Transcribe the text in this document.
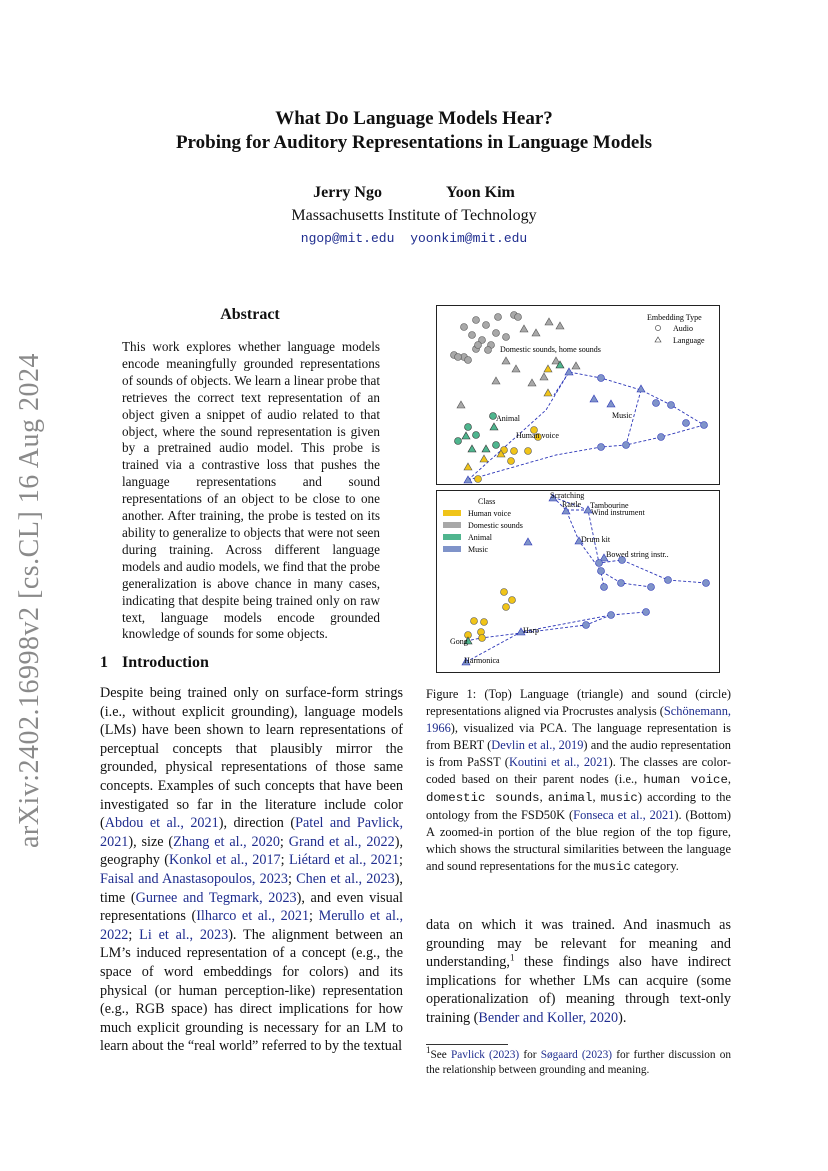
arXiv:2402.16998v2 [cs.CL] 16 Aug 2024
What Do Language Models Hear?
Probing for Auditory Representations in Language Models
Jerry Ngo	Yoon Kim
Massachusetts Institute of Technology
ngop@mit.edu yoonkim@mit.edu
Abstract
This work explores whether language models encode meaningfully grounded representations of sounds of objects. We learn a linear probe that retrieves the correct text representation of an object given a snippet of audio related to that object, where the sound representation is given by a pretrained audio model. This probe is trained via a contrastive loss that pushes the language representations and sound representations of an object to be close to one another. After training, the probe is tested on its ability to generalize to objects that were not seen during training. Across different language models and audio models, we find that the probe generalization is above chance in many cases, indicating that despite being trained only on raw text, language models encode grounded knowledge of sounds for some objects.
1 Introduction

Despite being trained only on surface-form strings (i.e., without explicit grounding), language models (LMs) have been shown to learn representations of perceptual concepts that plausibly mirror the grounded, physical representations of those same concepts. Examples of such concepts that have been investigated so far in the literature include color (Abdou et al., 2021), direction (Patel and Pavlick, 2021), size (Zhang et al., 2020; Grand et al., 2022), geography (Konkol et al., 2017; Liétard et al., 2021; Faisal and Anastasopoulos, 2023; Chen et al., 2023), time (Gurnee and Tegmark, 2023), and even visual representations (Ilharco et al., 2021; Merullo et al., 2022; Li et al., 2023). The alignment between an LM’s induced representation of a concept (e.g., the space of word embeddings for colors) and its physical (or human perception-like) representation (e.g., RGB space) has direct implications for how much explicit grounding is necessary for an LM to learn about the “real world” referred to by the textual

Domestic sounds, home sounds
Animal
Human voice
Music
Embedding Type
Audio
Language
Class
Human voice
Domestic sounds
Animal
Music
Scratching
Rattle Tambourine
Wind instrument
Drum kit
Bowed string instr..
Harp
Gong
Harmonica
Figure 1: (Top) Language (triangle) and sound (circle) representations aligned via Procrustes analysis (Schönemann, 1966), visualized via PCA. The language representation is from BERT (Devlin et al., 2019) and the audio representation is from PaSST (Koutini et al., 2021). The classes are color-coded based on their parent nodes (i.e., human voice, domestic sounds, animal, music) according to the ontology from the FSD50K (Fonseca et al., 2021). (Bottom) A zoomed-in portion of the blue region of the top figure, which shows the structural similarities between the language and sound representations for the music category.
data on which it was trained. And inasmuch as grounding may be relevant for meaning and understanding,$^1$ these findings also have indirect implications for whether LMs can acquire (some operationalization of) meaning through text-only training (Bender and Koller, 2020).
$^1$See Pavlick (2023) for Søgaard (2023) for further discussion on the relationship between grounding and meaning.
